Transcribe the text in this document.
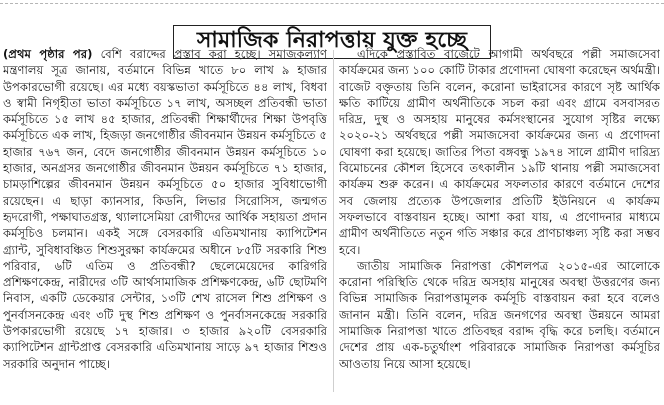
সামাজিক নিরাপত্তায় যুক্ত হচ্ছে

(প্রথম পৃষ্ঠার পর) বেশি বরাদ্দের প্রস্তাব করা হচ্ছে। সমাজকল্যাণ মন্ত্রণালয় সূত্র জানায়, বর্তমানে বিভিন্ন খাতে ৮০ লাখ ৯ হাজার উপকারভোগী রয়েছে। এর মধ্যে বয়স্কভাতা কর্মসূচিতে ৪৪ লাখ, বিধবা ও স্বামী নিগৃহীতা ভাতা কর্মসূচিতে ১৭ লাখ, অসচ্ছল প্রতিবন্ধী ভাতা কর্মসূচিতে ১৫ লাখ ৪৫ হাজার, প্রতিবন্ধী শিক্ষার্থীদের শিক্ষা উপবৃত্তি কর্মসূচিতে এক লাখ, হিজড়া জনগোষ্ঠীর জীবনমান উন্নয়ন কর্মসূচিতে ৫ হাজার ৭৬৭ জন, বেদে জনগোষ্ঠীর জীবনমান উন্নয়ন কর্মসূচিতে ১০ হাজার, অনগ্রসর জনগোষ্ঠীর জীবনমান উন্নয়ন কর্মসূচিতে ৭১ হাজার, চামড়াশিল্পের জীবনমান উন্নয়ন কর্মসূচিতে ৫০ হাজার সুবিধাভোগী রয়েছেন। এ ছাড়া ক্যানসার, কিডনি, লিভার সিরোসিস, জন্মগত হৃদরোগী, পক্ষাঘাতগ্রস্ত, থ্যালাসেমিয়া রোগীদের আর্থিক সহায়তা প্রদান কর্মসূচিও চলমান। একই সঙ্গে বেসরকারি এতিমখানায় ক্যাপিটেশন গ্র্যান্ট, সুবিধাবঞ্চিত শিশুসুরক্ষা কার্যক্রমের অধীনে ৮৫টি সরকারি শিশু পরিবার, ৬টি এতিম ও প্রতিবন্ধী? ছেলেমেয়েদের কারিগরি প্রশিক্ষণকেন্দ্র, নারীদের ৩টি আর্থসামাজিক প্রশিক্ষণকেন্দ্র, ৬টি ছোটমণি নিবাস, একটি ডেকেয়ার সেন্টার, ১৩টি শেখ রাসেল শিশু প্রশিক্ষণ ও পুনর্বাসনকেন্দ্র এবং ৩টি দুস্থ শিশু প্রশিক্ষণ ও পুনর্বাসনকেন্দ্রে সরকারি উপকারভোগী রয়েছে ১৭ হাজার। ৩ হাজার ৯২০টি বেসরকারি ক্যাপিটেশন গ্রান্টপ্রাপ্ত বেসরকারি এতিমখানায় সাড়ে ৯৭ হাজার শিশুও সরকারি অনুদান পাচ্ছে।

এদিকে প্রস্তাবিত বাজেটে আগামী অর্থবছরে পল্লী সমাজসেবা কার্যক্রমের জন্য ১০০ কোটি টাকার প্রণোদনা ঘোষণা করেছেন অর্থমন্ত্রী। বাজেট বক্তৃতায় তিনি বলেন, করোনা ভাইরাসের কারণে সৃষ্ট আর্থিক ক্ষতি কাটিয়ে গ্রামীণ অর্থনীতিকে সচল করা এবং গ্রামে বসবাসরত দরিদ্র, দুস্থ ও অসহায় মানুষের কর্মসংস্থানের সুযোগ সৃষ্টির লক্ষ্যে ২০২০-২১ অর্থবছরে পল্লী সমাজসেবা কার্যক্রমের জন্য এ প্রণোদনা ঘোষণা করা হয়েছে। জাতির পিতা বঙ্গবন্ধু ১৯৭৪ সালে গ্রামীণ দারিদ্র্য বিমোচনের কৌশল হিসেবে তৎকালীন ১৯টি থানায় পল্লী সমাজসেবা কার্যক্রম শুরু করেন। এ কার্যক্রমের সফলতার কারণে বর্তমানে দেশের সব জেলায় প্রত্যেক উপজেলার প্রতিটি ইউনিয়নে এ কার্যক্রম সফলভাবে বাস্তবায়ন হচ্ছে। আশা করা যায়, এ প্রণোদনার মাধ্যমে গ্রামীণ অর্থনীতিতে নতুন গতি সঞ্চার করে প্রাণচাঞ্চল্য সৃষ্টি করা সম্ভব হবে।

জাতীয় সামাজিক নিরাপত্তা কৌশলপত্র ২০১৫-এর আলোকে করোনা পরিস্থিতি থেকে দরিদ্র অসহায় মানুষের অবস্থা উত্তরণের জন্য বিভিন্ন সামাজিক নিরাপত্তামূলক কর্মসূচি বাস্তবায়ন করা হবে বলেও জানান মন্ত্রী। তিনি বলেন, দরিদ্র জনগণের অবস্থা উন্নয়নে আমরা সামাজিক নিরাপত্তা খাতে প্রতিবছর বরাদ্দ বৃদ্ধি করে চলছি। বর্তমানে দেশের প্রায় এক-চতুর্থাংশ পরিবারকে সামাজিক নিরাপত্তা কর্মসূচির আওতায় নিয়ে আসা হয়েছে।
